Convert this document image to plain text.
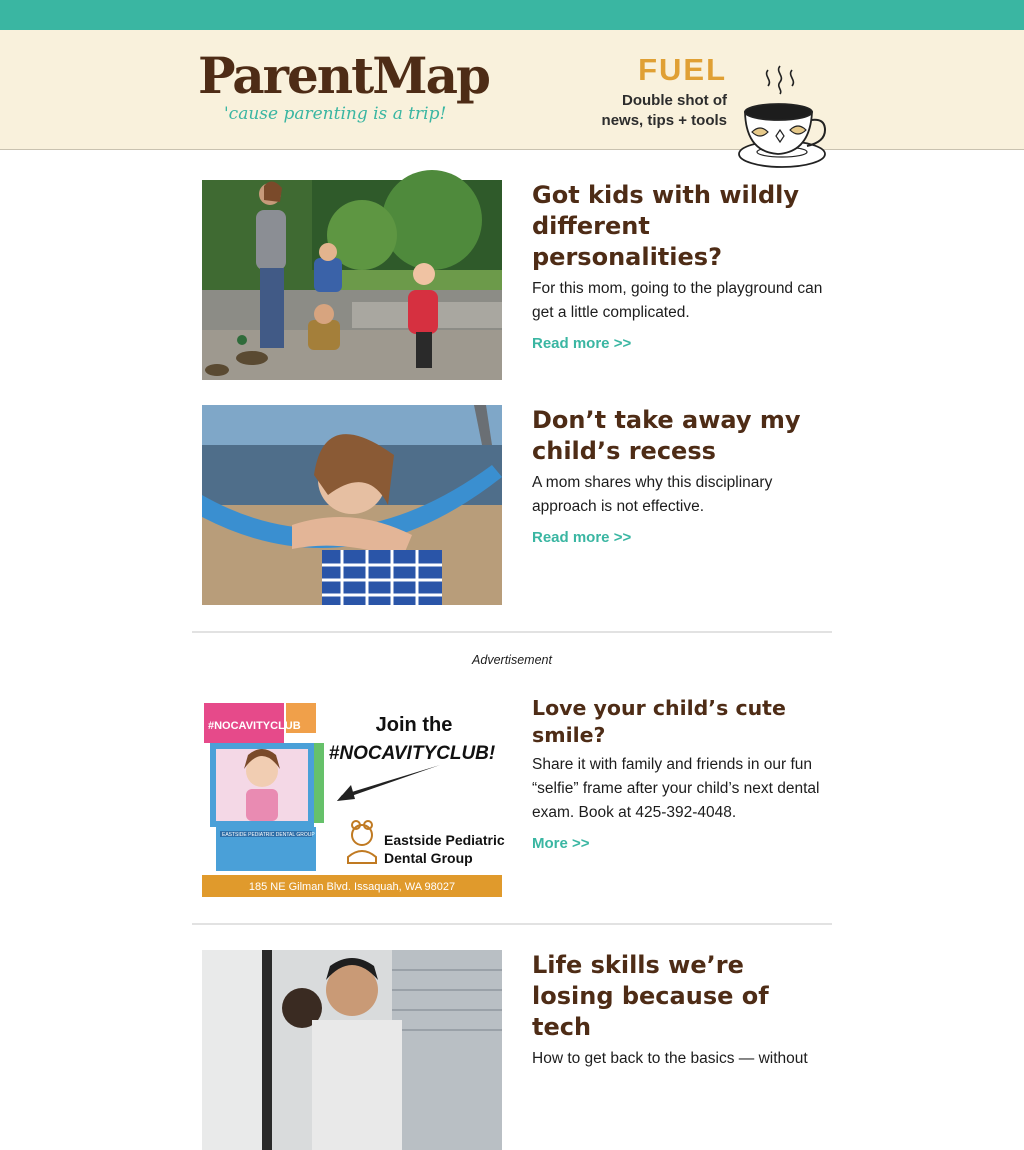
ParentMap
'cause parenting is a trip!
FUEL
Double shot of
news, tips + tools
Got kids with wildly different personalities?
For this mom, going to the playground can get a little complicated.
Read more >>
Don’t take away my child’s recess
A mom shares why this disciplinary approach is not effective.
Read more >>
Advertisement
#NOCAVITYCLUB	Join the
#NOCAVITYCLUB!
EASTSIDE PEDIATRIC DENTAL GROUP	Eastside Pediatric
Dental Group
185 NE Gilman Blvd. Issaquah, WA 98027
Love your child’s cute smile?
Share it with family and friends in our fun “selfie” frame after your child’s next dental exam. Book at 425-392-4048.
More >>
Life skills we’re losing because of tech
How to get back to the basics — without
